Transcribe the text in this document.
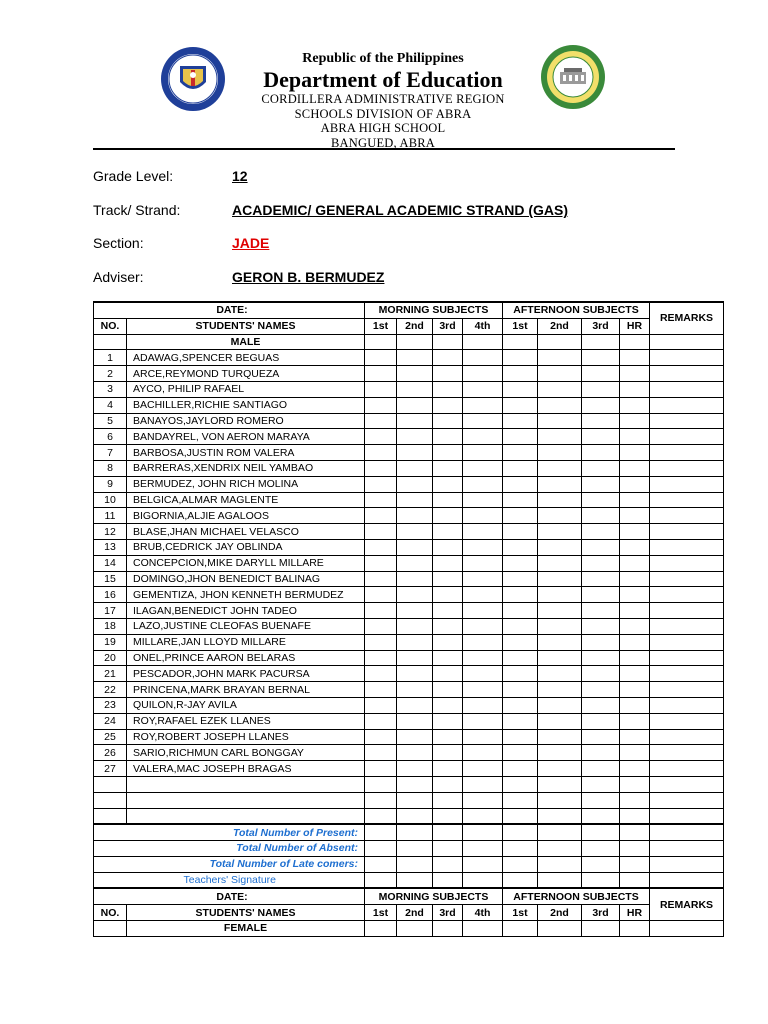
Republic of the Philippines
Department of Education
CORDILLERA ADMINISTRATIVE REGION
SCHOOLS DIVISION OF ABRA
ABRA HIGH SCHOOL
BANGUED, ABRA
Grade Level:	12
Track/ Strand:	ACADEMIC/ GENERAL ACADEMIC STRAND (GAS)
Section:	JADE
Adviser:	GERON B. BERMUDEZ
DATE:		MORNING SUBJECTS				AFTERNOON SUBJECTS				REMARKS
NO.	STUDENTS' NAMES	1st	2nd	3rd	4th	1st	2nd	3rd	HR	
	MALE									
1	ADAWAG,SPENCER BEGUAS									
2	ARCE,REYMOND TURQUEZA									
3	AYCO, PHILIP RAFAEL									
4	BACHILLER,RICHIE SANTIAGO									
5	BANAYOS,JAYLORD ROMERO									
6	BANDAYREL, VON AERON MARAYA									
7	BARBOSA,JUSTIN ROM VALERA									
8	BARRERAS,XENDRIX NEIL YAMBAO									
9	BERMUDEZ, JOHN RICH MOLINA									
10	BELGICA,ALMAR MAGLENTE									
11	BIGORNIA,ALJIE AGALOOS									
12	BLASE,JHAN MICHAEL VELASCO									
13	BRUB,CEDRICK JAY OBLINDA									
14	CONCEPCION,MIKE DARYLL MILLARE									
15	DOMINGO,JHON BENEDICT BALINAG									
16	GEMENTIZA, JHON KENNETH BERMUDEZ									
17	ILAGAN,BENEDICT JOHN TADEO									
18	LAZO,JUSTINE CLEOFAS BUENAFE									
19	MILLARE,JAN LLOYD MILLARE									
20	ONEL,PRINCE AARON BELARAS									
21	PESCADOR,JOHN MARK PACURSA									
22	PRINCENA,MARK BRAYAN BERNAL									
23	QUILON,R-JAY AVILA									
24	ROY,RAFAEL EZEK LLANES									
25	ROY,ROBERT JOSEPH LLANES									
26	SARIO,RICHMUN CARL BONGGAY									
27	VALERA,MAC JOSEPH BRAGAS									

Total Number of Present:										
Total Number of Absent:										
Total Number of Late comers:										
Teachers' Signature										
DATE:		MORNING SUBJECTS				AFTERNOON SUBJECTS				REMARKS
NO.	STUDENTS' NAMES	1st	2nd	3rd	4th	1st	2nd	3rd	HR	
	FEMALE									
